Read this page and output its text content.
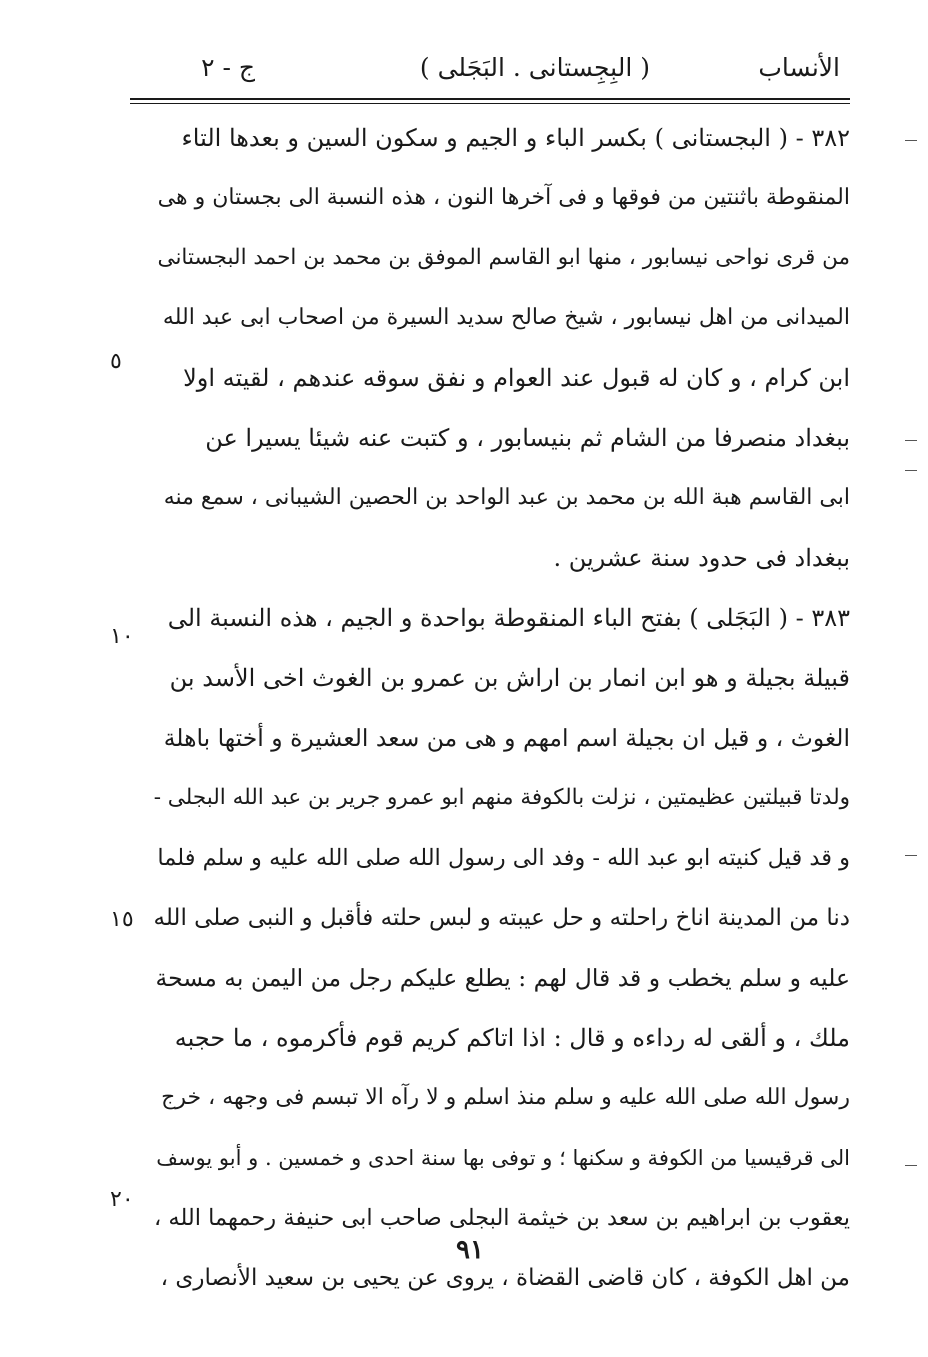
الأنساب
( البِجِستانی . البَجَلی )
ج - ٢
٣٨٢ - ( البجستانی ) بکسر الباء و الجیم و سکون السین و بعدها التاء
المنقوطة باثنتین من فوقها و فی آخرها النون ، هذه النسبة الی بجستان و هی
من قری نواحی نیسابور ، منها ابو القاسم الموفق بن محمد بن احمد البجستانی
المیدانی من اهل نیسابور ، شیخ صالح سدید السیرة من اصحاب ابی عبد الله
ابن کرام ، و کان له قبول عند العوام و نفق سوقه عندهم ، لقیته اولا
ببغداد منصرفا من الشام ثم بنیسابور ، و کتبت عنه شیئا یسیرا عن
ابی القاسم هبة الله بن محمد بن عبد الواحد بن الحصین الشیبانی ، سمع منه
ببغداد فی حدود سنة عشرین .
٣٨٣ - ( البَجَلی ) بفتح الباء المنقوطة بواحدة و الجیم ، هذه النسبة الی
قبیلة بجیلة و هو ابن انمار بن اراش بن عمرو بن الغوث اخی الأسد بن
الغوث ، و قیل ان بجیلة اسم امهم و هی من سعد العشیرة و أختها باهلة
ولدتا قبیلتین عظیمتین ، نزلت بالکوفة منهم ابو عمرو جریر بن عبد الله البجلی -
و قد قیل کنیته ابو عبد الله - وفد الی رسول الله صلی الله علیه و سلم فلما
دنا من المدینة اناخ راحلته و حل عیبته و لبس حلته فأقبل و النبی صلی الله
علیه و سلم یخطب و قد قال لهم : یطلع علیکم رجل من الیمن به مسحة
ملك ، و ألقی له رداءه و قال : اذا اتاکم کریم قوم فأکرموه ، ما حجبه
رسول الله صلی الله علیه و سلم منذ اسلم و لا رآه الا تبسم فی وجهه ، خرج
الی قرقیسیا من الکوفة و سکنها ؛ و توفی بها سنة احدی و خمسین . و أبو یوسف
یعقوب بن ابراهیم بن سعد بن خیثمة البجلی صاحب ابی حنیفة رحمهما الله ،
من اهل الکوفة ، کان قاضی القضاة ، یروی عن یحیی بن سعید الأنصاری ،
٥
١٠
١٥
٢٠
٩١
